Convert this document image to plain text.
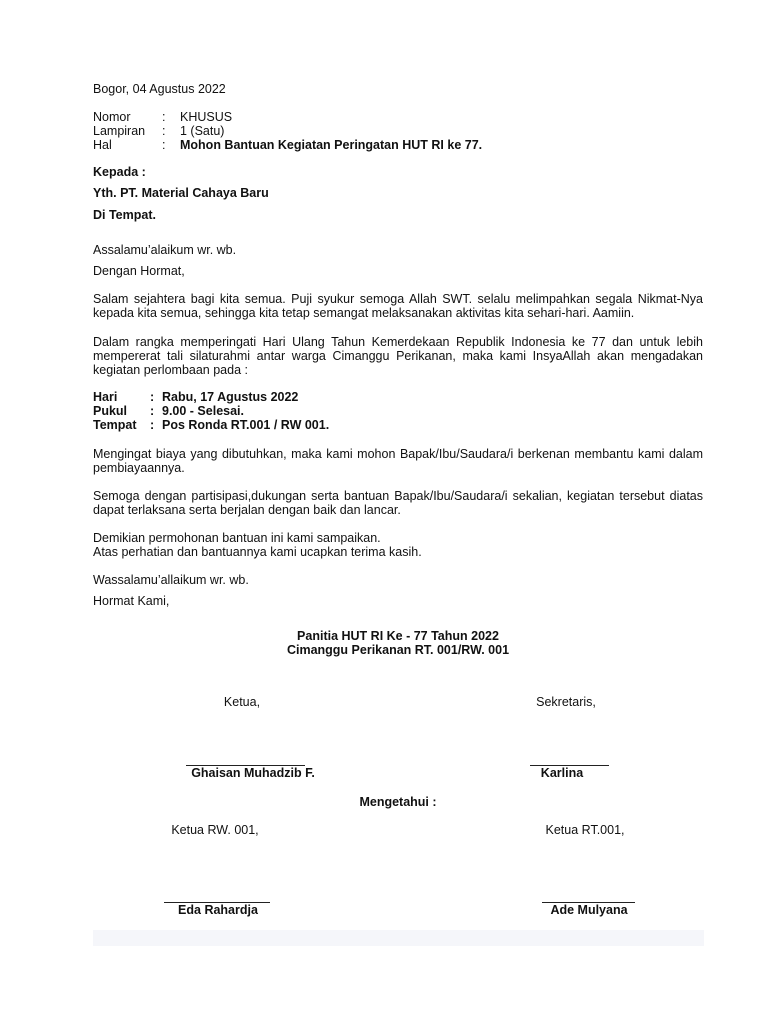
Bogor, 04 Agustus 2022
Nomor	: KHUSUS
Lampiran : 1 (Satu)
Hal	: Mohon Bantuan Kegiatan Peringatan HUT RI ke 77.
Kepada :
Yth. PT. Material Cahaya Baru
Di Tempat.
Assalamu’alaikum wr. wb.
Dengan Hormat,
Salam sejahtera bagi kita semua. Puji syukur semoga Allah SWT. selalu melimpahkan segala Nikmat-Nya kepada kita semua, sehingga kita tetap semangat melaksanakan aktivitas kita sehari-hari. Aamiin.
Dalam rangka memperingati Hari Ulang Tahun Kemerdekaan Republik Indonesia ke 77 dan untuk lebih mempererat tali silaturahmi antar warga Cimanggu Perikanan, maka kami InsyaAllah akan mengadakan kegiatan perlombaan pada :
Hari	: Rabu, 17 Agustus 2022
Pukul : 9.00 - Selesai.
Tempat : Pos Ronda RT.001 / RW 001.
Mengingat biaya yang dibutuhkan, maka kami mohon Bapak/Ibu/Saudara/i berkenan membantu kami dalam pembiayaannya.
Semoga dengan partisipasi,dukungan serta bantuan Bapak/Ibu/Saudara/i sekalian, kegiatan tersebut diatas dapat terlaksana serta berjalan dengan baik dan lancar.
Demikian permohonan bantuan ini kami sampaikan.
Atas perhatian dan bantuannya kami ucapkan terima kasih.
Wassalamu’allaikum wr. wb.
Hormat Kami,
Panitia HUT RI Ke - 77 Tahun 2022
Cimanggu Perikanan RT. 001/RW. 001
Ketua,	Sekretaris,
Ghaisan Muhadzib F.	Karlina
Mengetahui :
Ketua RW. 001,	Ketua RT.001,
Eda Rahardja	Ade Mulyana
